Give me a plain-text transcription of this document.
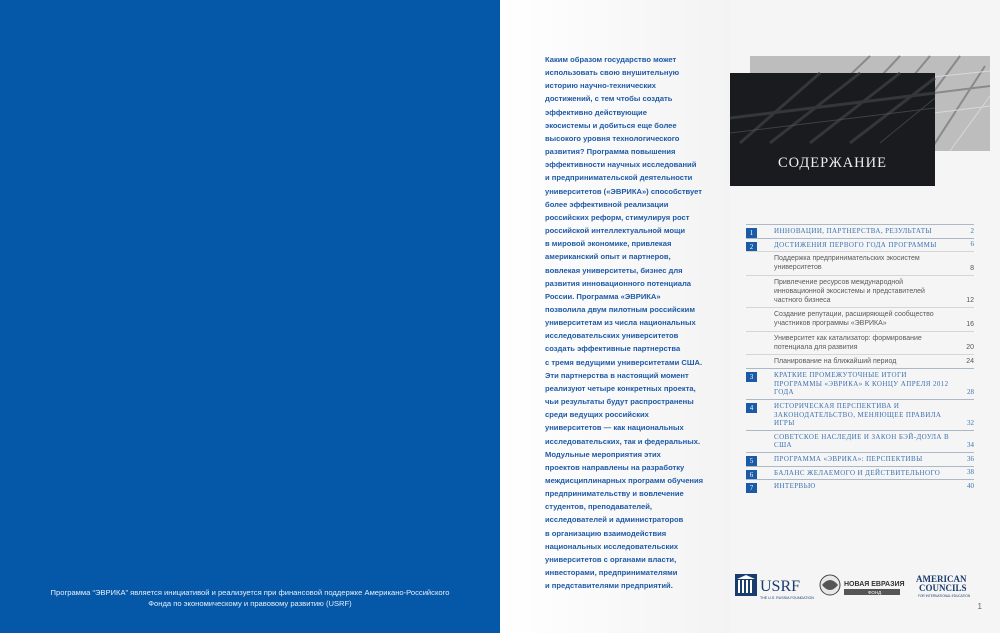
Программа “ЭВРИКА” является инициативой и реализуется при финансовой поддержке Американо-Российского Фонда по экономическому и правовому развитию (USRF)
Каким образом государство может
использовать свою внушительную
историю научно-технических
достижений, с тем чтобы создать
эффективно действующие
экосистемы и добиться еще более
высокого уровня технологического
развития? Программа повышения
эффективности научных исследований
и предпринимательской деятельности
университетов («ЭВРИКА») способствует
более эффективной реализации
российских реформ, стимулируя рост
российской интеллектуальной мощи
в мировой экономике, привлекая
американский опыт и партнеров,
вовлекая университеты, бизнес для
развития инновационного потенциала
России. Программа «ЭВРИКА»
позволила двум пилотным российским
университетам из числа национальных
исследовательских университетов
создать эффективные партнерства
с тремя ведущими университетами США.
Эти партнерства в настоящий момент
реализуют четыре конкретных проекта,
чьи результаты будут распространены
среди ведущих российских
университетов — как национальных
исследовательских, так и федеральных.
Модульные мероприятия этих
проектов направлены на разработку
междисциплинарных программ обучения
предпринимательству и вовлечение
студентов, преподавателей,
исследователей и администраторов
в организацию взаимодействия
национальных исследовательских
университетов с органами власти,
инвесторами, предпринимателями
и представителями предприятий.
СОДЕРЖАНИЕ
1	ИННОВАЦИИ, ПАРТНЕРСТВА, РЕЗУЛЬТАТЫ	2
2	ДОСТИЖЕНИЯ ПЕРВОГО ГОДА ПРОГРАММЫ	6
Поддержка предпринимательских экосистем университетов	8
Привлечение ресурсов международной инновационной экосистемы и представителей частного бизнеса	12
Создание репутации, расширяющей сообщество участников программы «ЭВРИКА»	16
Университет как катализатор: формирование потенциала для развития	20
Планирование на ближайший период	24
3	КРАТКИЕ ПРОМЕЖУТОЧНЫЕ ИТОГИ ПРОГРАММЫ «ЭВРИКА» К КОНЦУ АПРЕЛЯ 2012 ГОДА	28
4	ИСТОРИЧЕСКАЯ ПЕРСПЕКТИВА И ЗАКОНОДАТЕЛЬСТВО, МЕНЯЮЩЕЕ ПРАВИЛА ИГРЫ	32
СОВЕТСКОЕ НАСЛЕДИЕ И ЗАКОН БЭЙ-ДОУЛА В США	34
5	ПРОГРАММА «ЭВРИКА»: ПЕРСПЕКТИВЫ	36
6	БАЛАНС ЖЕЛАЕМОГО И ДЕЙСТВИТЕЛЬНОГО	38
7	ИНТЕРВЬЮ	40
USRF
THE U.S. RUSSIA FOUNDATION
НОВАЯ ЕВРАЗИЯ
ФОНД
AMERICAN
COUNCILS
FOR INTERNATIONAL EDUCATION
1
